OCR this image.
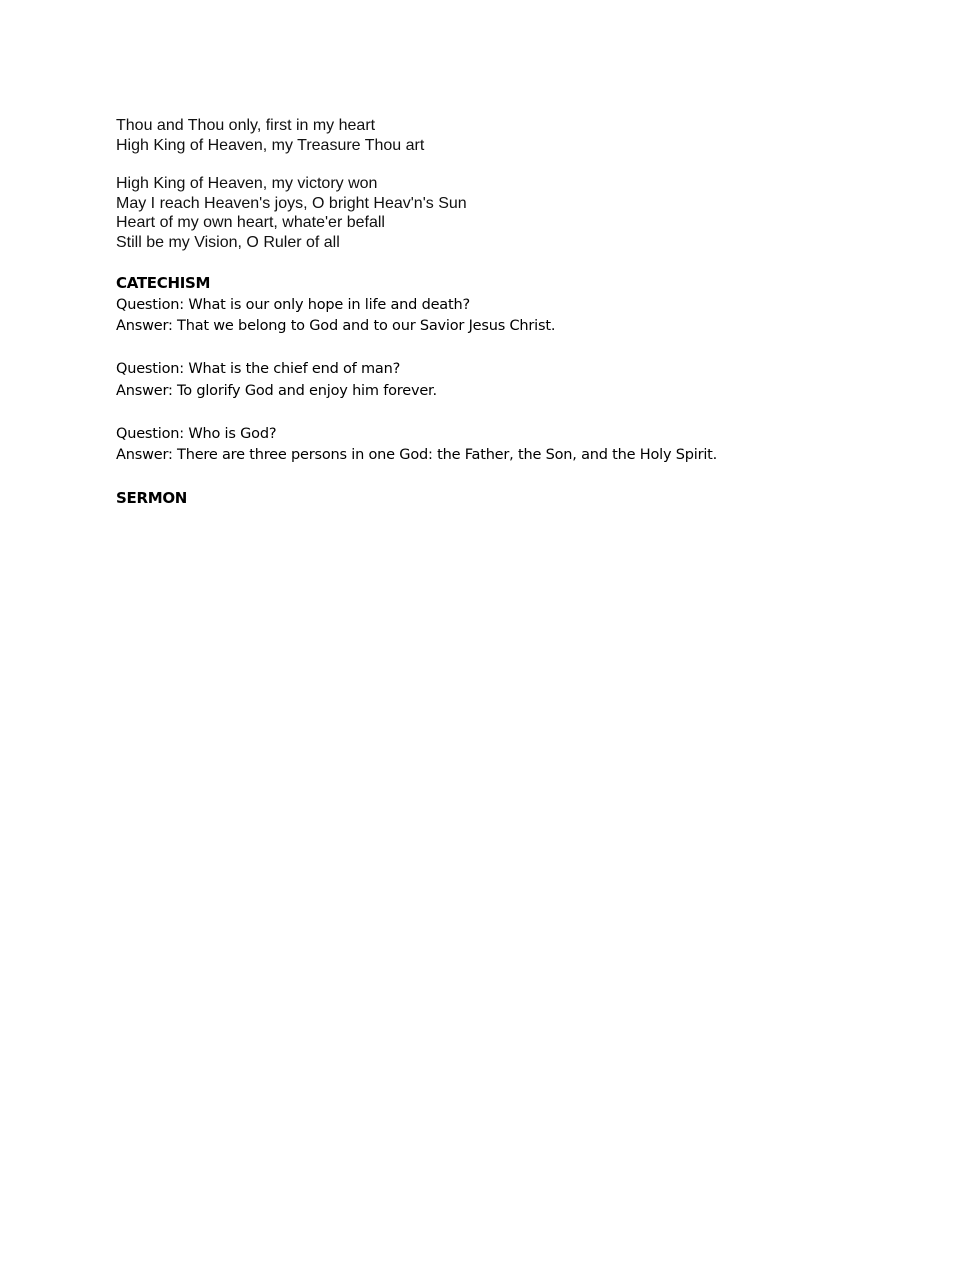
Thou and Thou only, first in my heart
High King of Heaven, my Treasure Thou art
High King of Heaven, my victory won
May I reach Heaven's joys, O bright Heav'n's Sun
Heart of my own heart, whate'er befall
Still be my Vision, O Ruler of all
CATECHISM
Question: What is our only hope in life and death?
Answer: That we belong to God and to our Savior Jesus Christ.
Question: What is the chief end of man?
Answer: To glorify God and enjoy him forever.
Question: Who is God?
Answer: There are three persons in one God: the Father, the Son, and the Holy Spirit.
SERMON
